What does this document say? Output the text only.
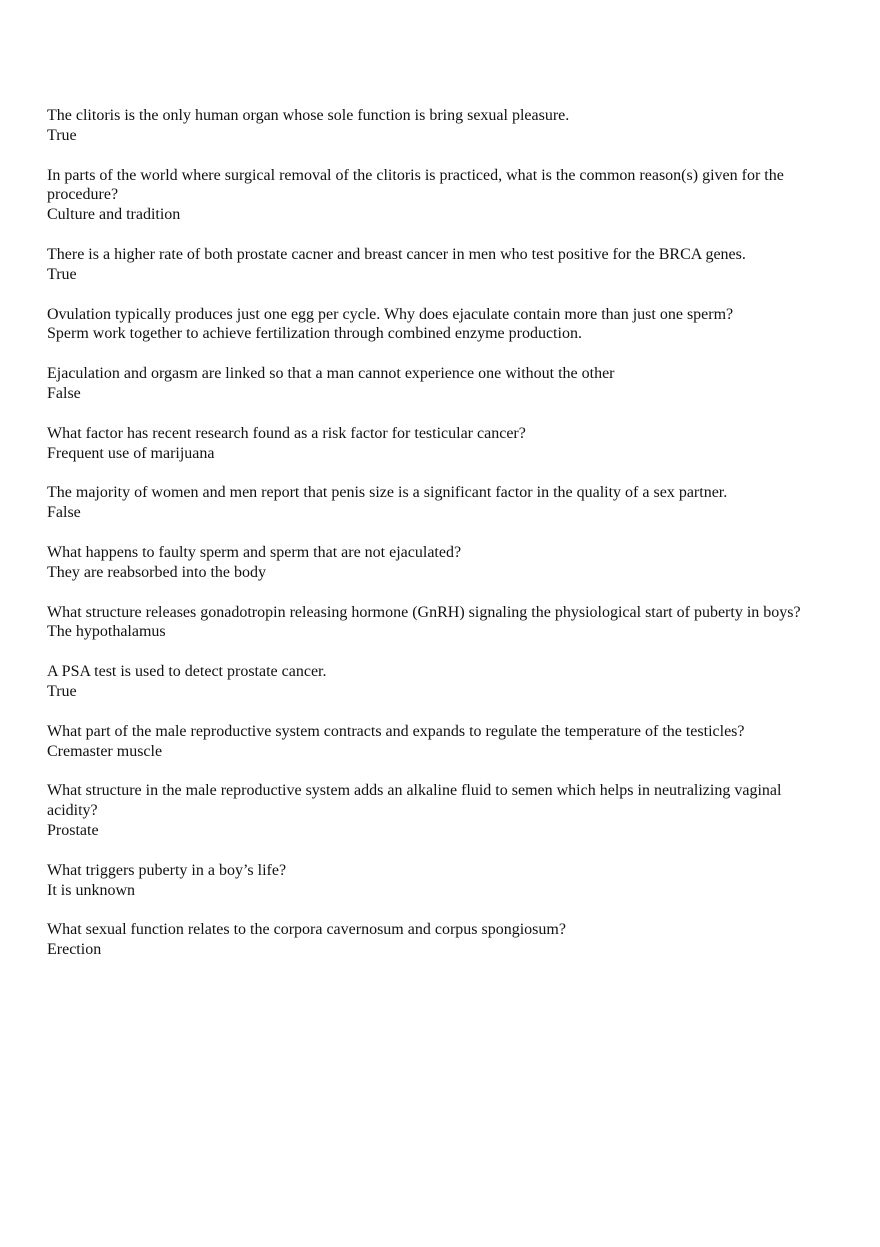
The clitoris is the only human organ whose sole function is bring sexual pleasure.

True

In parts of the world where surgical removal of the clitoris is practiced, what is the common reason(s) given for the procedure?

Culture and tradition

There is a higher rate of both prostate cacner and breast cancer in men who test positive for the BRCA genes.

True

Ovulation typically produces just one egg per cycle. Why does ejaculate contain more than just one sperm?

Sperm work together to achieve fertilization through combined enzyme production.

Ejaculation and orgasm are linked so that a man cannot experience one without the other

False

What factor has recent research found as a risk factor for testicular cancer?

Frequent use of marijuana

The majority of women and men report that penis size is a significant factor in the quality of a sex partner.

False

What happens to faulty sperm and sperm that are not ejaculated?

They are reabsorbed into the body

What structure releases gonadotropin releasing hormone (GnRH) signaling the physiological start of puberty in boys?

The hypothalamus

A PSA test is used to detect prostate cancer.

True

What part of the male reproductive system contracts and expands to regulate the temperature of the testicles?

Cremaster muscle

What structure in the male reproductive system adds an alkaline fluid to semen which helps in neutralizing vaginal acidity?

Prostate

What triggers puberty in a boy’s life?

It is unknown

What sexual function relates to the corpora cavernosum and corpus spongiosum?

Erection
